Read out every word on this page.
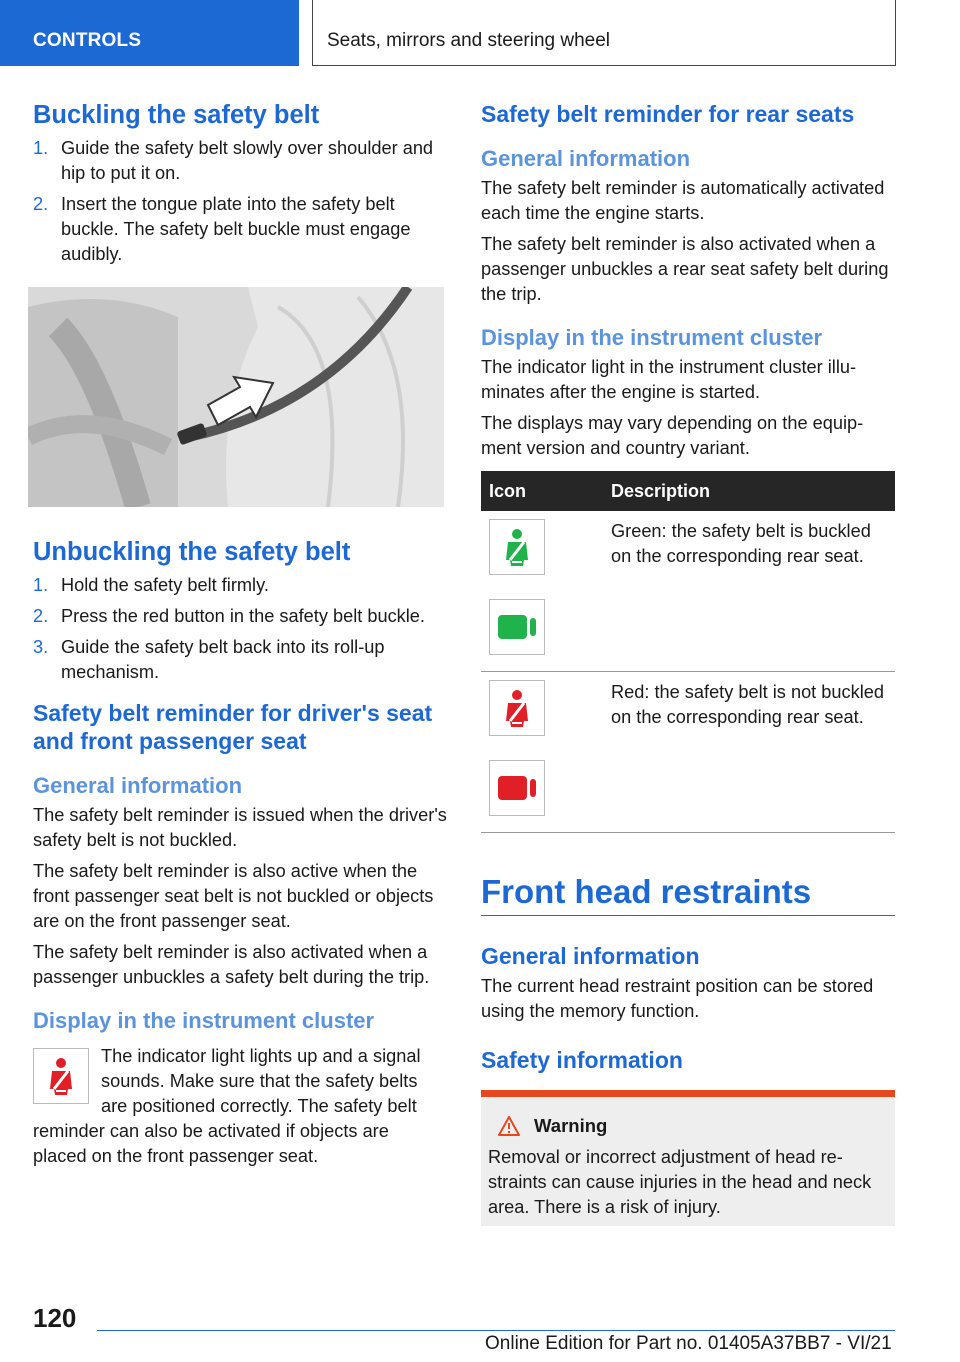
CONTROLS	Seats, mirrors and steering wheel
Buckling the safety belt
1. Guide the safety belt slowly over shoulder and hip to put it on.
2. Insert the tongue plate into the safety belt buckle. The safety belt buckle must engage audibly.
Unbuckling the safety belt
1. Hold the safety belt firmly.
2. Press the red button in the safety belt buckle.
3. Guide the safety belt back into its roll-up mechanism.
Safety belt reminder for driver's seat and front passenger seat
General information

The safety belt reminder is issued when the driver's safety belt is not buckled.

The safety belt reminder is also active when the front passenger seat belt is not buckled or objects are on the front passenger seat.

The safety belt reminder is also activated when a passenger unbuckles a safety belt during the trip.

Display in the instrument cluster

The indicator light lights up and a signal sounds. Make sure that the safety belts are positioned correctly. The safety belt reminder can also be activated if objects are placed on the front passenger seat.

Safety belt reminder for rear seats
General information

The safety belt reminder is automatically activated each time the engine starts.

The safety belt reminder is also activated when a passenger unbuckles a rear seat safety belt during the trip.

Display in the instrument cluster

The indicator light in the instrument cluster illuminates after the engine is started.

The displays may vary depending on the equipment version and country variant.

Icon	Description
	Green: the safety belt is buckled on the corresponding rear seat.
	Red: the safety belt is not buckled on the corresponding rear seat.
Front head restraints
General information

The current head restraint position can be stored using the memory function.

Safety information
Warning

Removal or incorrect adjustment of head restraints can cause injuries in the head and neck area. There is a risk of injury.

120
Online Edition for Part no. 01405A37BB7 - VI/21
